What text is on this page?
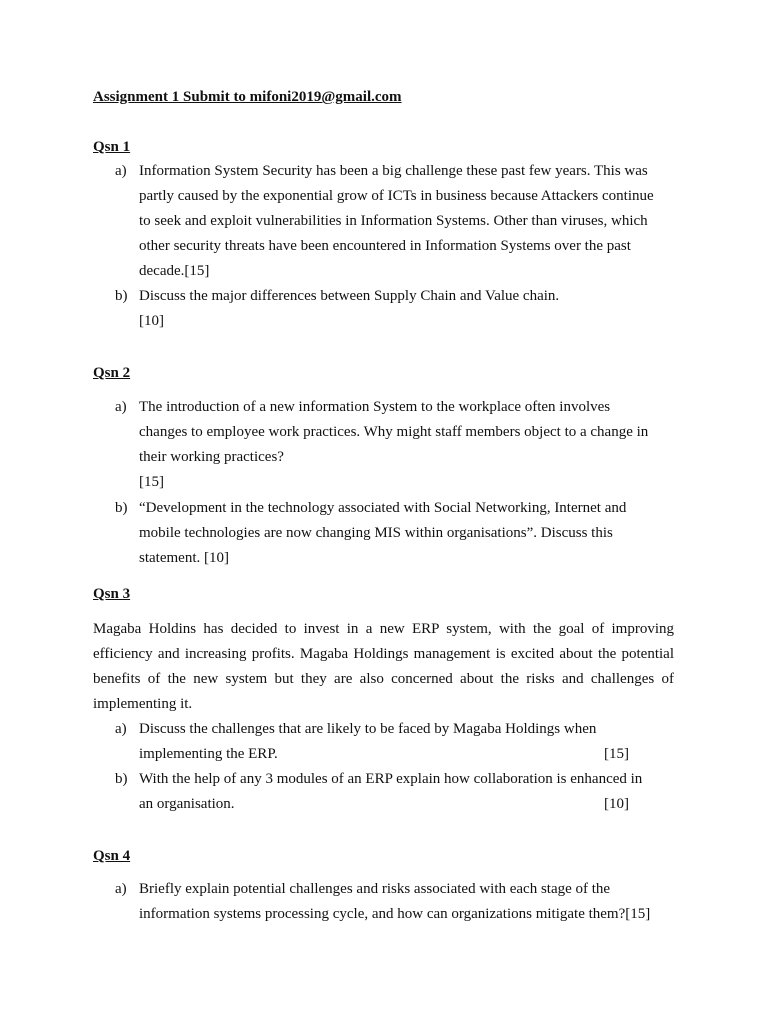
Assignment 1 Submit to mifoni2019@gmail.com
Qsn 1
a) Information System Security has been a big challenge these past few years. This was
partly caused by the exponential grow of ICTs in business because Attackers continue
to seek and exploit vulnerabilities in Information Systems. Other than viruses, which
other security threats have been encountered in Information Systems over the past
decade.[15]
b) Discuss the major differences between Supply Chain and Value chain.
[10]
Qsn 2
a) The introduction of a new information System to the workplace often involves
changes to employee work practices. Why might staff members object to a change in
their working practices?
[15]
b) “Development in the technology associated with Social Networking, Internet and
mobile technologies are now changing MIS within organisations”. Discuss this
statement. [10]
Qsn 3
Magaba Holdins has decided to invest in a new ERP system, with the goal of improving
efficiency and increasing profits. Magaba Holdings management is excited about the potential
benefits of the new system but they are also concerned about the risks and challenges of
implementing it.
a) Discuss the challenges that are likely to be faced by Magaba Holdings when
implementing the ERP.	[15]
b) With the help of any 3 modules of an ERP explain how collaboration is enhanced in
an organisation.	[10]
Qsn 4
a) Briefly explain potential challenges and risks associated with each stage of the
information systems processing cycle, and how can organizations mitigate them?[15]
